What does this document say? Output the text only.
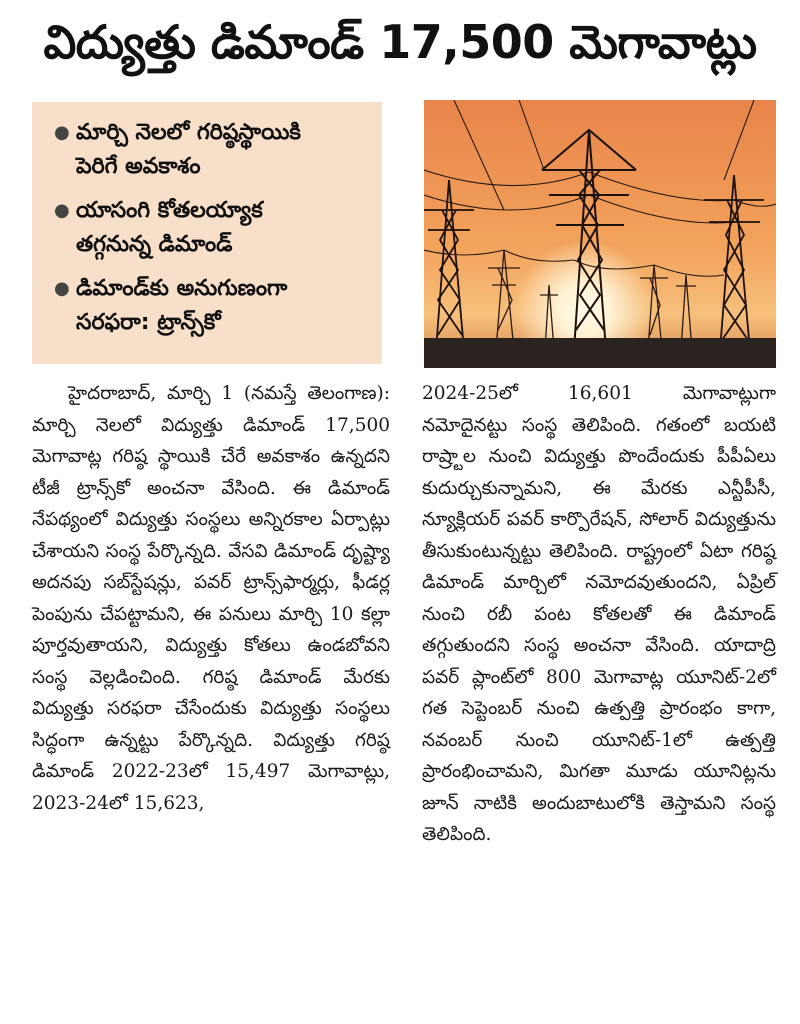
విద్యుత్తు డిమాండ్‌ 17,500 మెగావాట్లు
● మార్చి నెలలో గరిష్ఠస్థాయికి
పెరిగే అవకాశం
● యాసంగి కోతలయ్యాక
తగ్గనున్న డిమాండ్‌
● డిమాండ్‌కు అనుగుణంగా
సరఫరా: ట్రాన్స్‌కో
హైదరాబాద్‌, మార్చి 1 (నమస్తే తెలంగాణ): మార్చి నెలలో విద్యుత్తు డిమాండ్‌ 17,500 మెగావాట్ల గరిష్ఠ స్థాయికి చేరే అవకాశం ఉన్నదని టీజీ ట్రాన్స్‌కో అంచనా వేసింది. ఈ డిమాండ్‌ నేపథ్యంలో విద్యుత్తు సంస్థలు అన్నిరకాల ఏర్పాట్లు చేశాయని సంస్థ పేర్కొన్నది. వేసవి డిమాండ్‌ దృష్ట్యా అదనపు సబ్‌స్టేషన్లు, పవర్‌ ట్రాన్స్‌ఫార్మర్లు, ఫీడర్ల పెంపును చేపట్టామని, ఈ పనులు మార్చి 10 కల్లా పూర్తవుతాయని, విద్యుత్తు కోతలు ఉండబోవని సంస్థ వెల్లడించింది. గరిష్ఠ డిమాండ్‌ మేరకు విద్యుత్తు సరఫరా చేసేందుకు విద్యుత్తు సంస్థలు సిద్ధంగా ఉన్నట్టు పేర్కొన్నది. విద్యుత్తు గరిష్ఠ డిమాండ్‌ 2022-23లో 15,497 మెగావాట్లు, 2023-24లో 15,623,
2024-25లో 16,601 మెగావాట్లుగా నమోదైనట్టు సంస్థ తెలిపింది. గతంలో బయటి రాష్ర్టాల నుంచి విద్యుత్తు పొందేందుకు పీపీఏలు కుదుర్చుకున్నామని, ఈ మేరకు ఎన్టీపీసీ, న్యూక్లియర్‌ పవర్‌ కార్పొరేషన్‌, సోలార్‌ విద్యుత్తును తీసుకుంటున్నట్టు తెలిపింది. రాష్ట్రంలో ఏటా గరిష్ఠ డిమాండ్‌ మార్చిలో నమోదవుతుందని, ఏప్రిల్‌ నుంచి రబీ పంట కోతలతో ఈ డిమాండ్‌ తగ్గుతుందని సంస్థ అంచనా వేసింది. యాదాద్రి పవర్‌ ప్లాంట్‌లో 800 మెగావాట్ల యూనిట్‌-2లో గత సెప్టెంబర్‌ నుంచి ఉత్పత్తి ప్రారంభం కాగా, నవంబర్‌ నుంచి యూనిట్‌-1లో ఉత్పత్తి ప్రారంభించామని, మిగతా మూడు యూనిట్లను జూన్‌ నాటికి అందుబాటులోకి తెస్తామని సంస్థ తెలిపింది.
